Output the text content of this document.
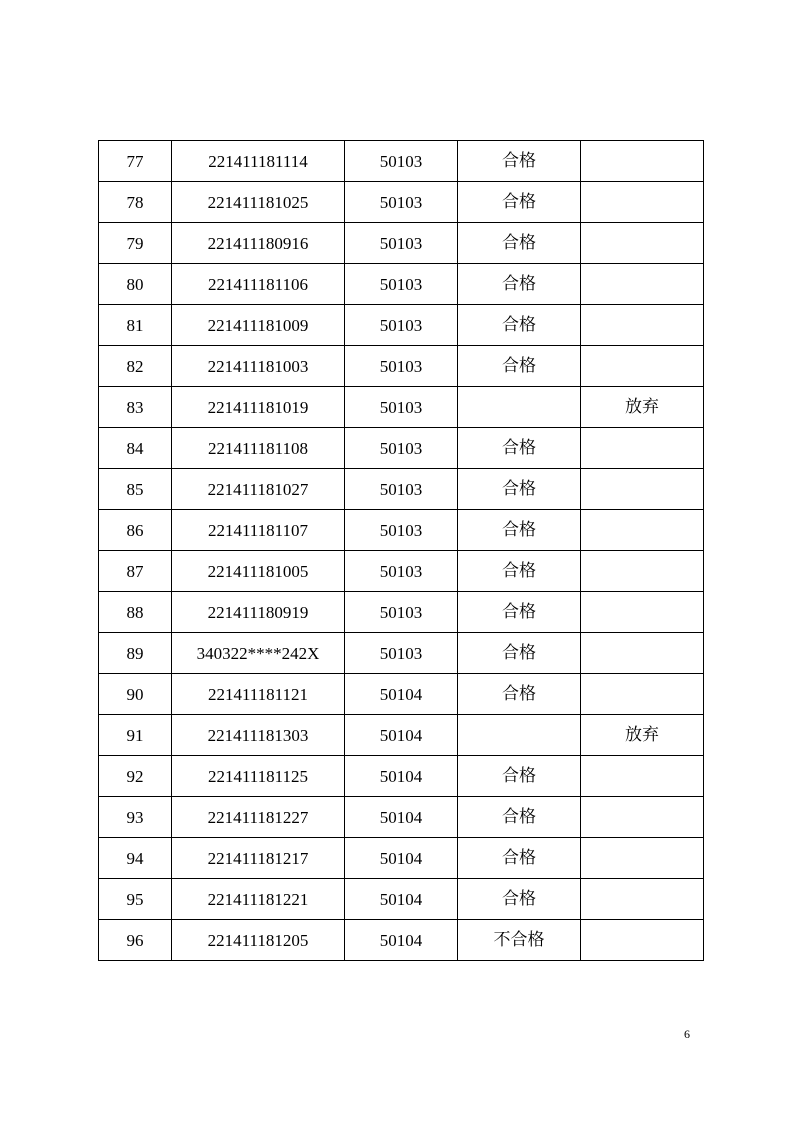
77	221411181114	50103	合格	
78	221411181025	50103	合格	
79	221411180916	50103	合格	
80	221411181106	50103	合格	
81	221411181009	50103	合格	
82	221411181003	50103	合格	
83	221411181019	50103		放弃
84	221411181108	50103	合格	
85	221411181027	50103	合格	
86	221411181107	50103	合格	
87	221411181005	50103	合格	
88	221411180919	50103	合格	
89	340322****242X	50103	合格	
90	221411181121	50104	合格	
91	221411181303	50104		放弃
92	221411181125	50104	合格	
93	221411181227	50104	合格	
94	221411181217	50104	合格	
95	221411181221	50104	合格	
96	221411181205	50104	不合格	
6
